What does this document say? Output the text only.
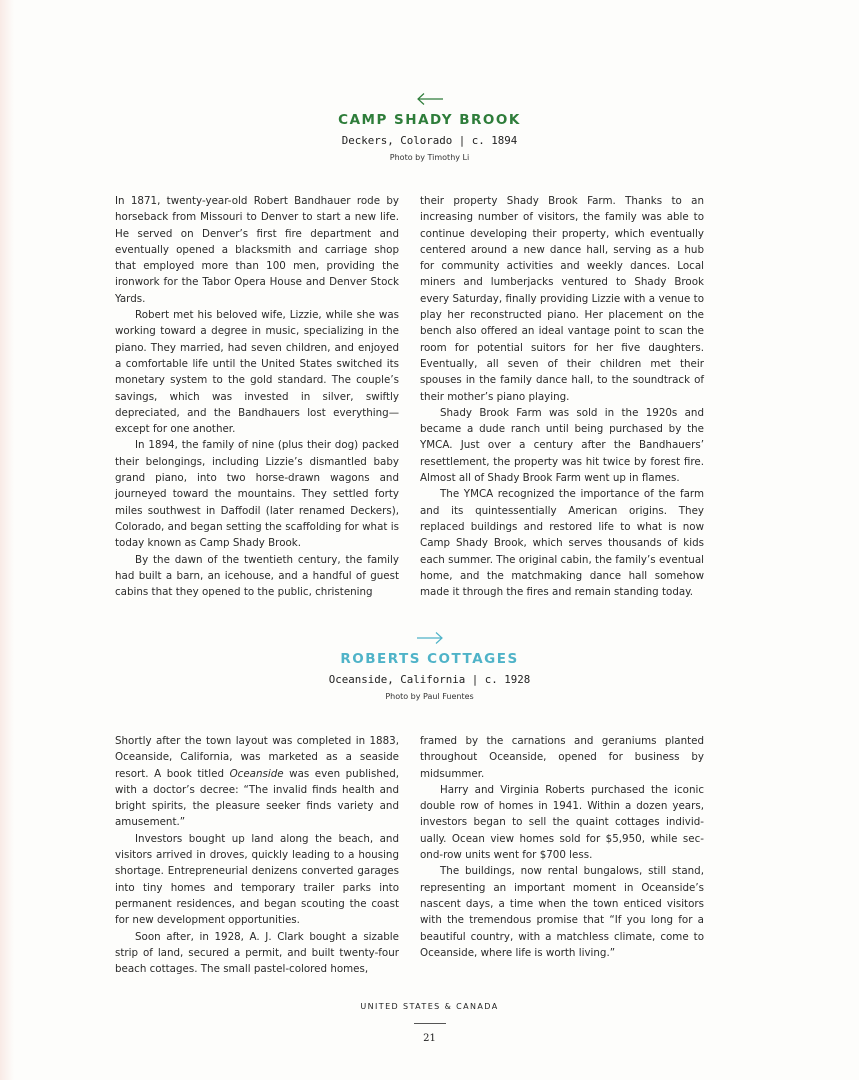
CAMP SHADY BROOK
Deckers, Colorado | c. 1894
Photo by Timothy Li

In 1871, twenty-year-old Robert Bandhauer rode by horseback from Missouri to Denver to start a new life. He served on Denver’s first fire department and eventually opened a blacksmith and carriage shop that employed more than 100 men, providing the ironwork for the Tabor Opera House and Denver Stock Yards.

Robert met his beloved wife, Lizzie, while she was working toward a degree in music, specializing in the piano. They married, had seven children, and enjoyed a comfortable life until the United States switched its monetary system to the gold standard. The couple’s savings, which was invested in silver, swiftly depreciated, and the Bandhauers lost everything—except for one another.

In 1894, the family of nine (plus their dog) packed their belongings, including Lizzie’s dismantled baby grand piano, into two horse-drawn wagons and journeyed toward the mountains. They settled forty miles southwest in Daffodil (later renamed Deckers), Colorado, and began setting the scaffolding for what is today known as Camp Shady Brook.

By the dawn of the twentieth century, the family had built a barn, an icehouse, and a handful of guest cabins that they opened to the public, christening

their property Shady Brook Farm. Thanks to an increasing number of visitors, the family was able to continue developing their property, which eventually centered around a new dance hall, serving as a hub for community activities and weekly dances. Local miners and lumberjacks ventured to Shady Brook every Saturday, finally providing Lizzie with a venue to play her reconstructed piano. Her placement on the bench also offered an ideal vantage point to scan the room for potential suitors for her five daughters. Eventually, all seven of their children met their spouses in the family dance hall, to the soundtrack of their mother’s piano playing.

Shady Brook Farm was sold in the 1920s and became a dude ranch until being purchased by the YMCA. Just over a century after the Bandhauers’ resettlement, the property was hit twice by forest fire. Almost all of Shady Brook Farm went up in flames.

The YMCA recognized the importance of the farm and its quintessentially American origins. They replaced buildings and restored life to what is now Camp Shady Brook, which serves thousands of kids each summer. The original cabin, the family’s eventual home, and the matchmaking dance hall somehow made it through the fires and remain standing today.

ROBERTS COTTAGES
Oceanside, California | c. 1928
Photo by Paul Fuentes

Shortly after the town layout was completed in 1883, Oceanside, California, was marketed as a seaside resort. A book titled Oceanside was even published, with a doctor’s decree: “The invalid finds health and bright spirits, the pleasure seeker finds variety and amusement.”

Investors bought up land along the beach, and visitors arrived in droves, quickly leading to a housing shortage. Entrepreneurial denizens converted garages into tiny homes and temporary trailer parks into permanent residences, and began scouting the coast for new development opportunities.

Soon after, in 1928, A. J. Clark bought a sizable strip of land, secured a permit, and built twenty-four beach cottages. The small pastel-colored homes,

framed by the carnations and geraniums planted throughout Oceanside, opened for business by midsummer.

Harry and Virginia Roberts purchased the iconic double row of homes in 1941. Within a dozen years, investors began to sell the quaint cottages individually. Ocean view homes sold for $5,950, while second-row units went for $700 less.

The buildings, now rental bungalows, still stand, representing an important moment in Oceanside’s nascent days, a time when the town enticed visitors with the tremendous promise that “If you long for a beautiful country, with a matchless climate, come to Oceanside, where life is worth living.”

UNITED STATES & CANADA
21
